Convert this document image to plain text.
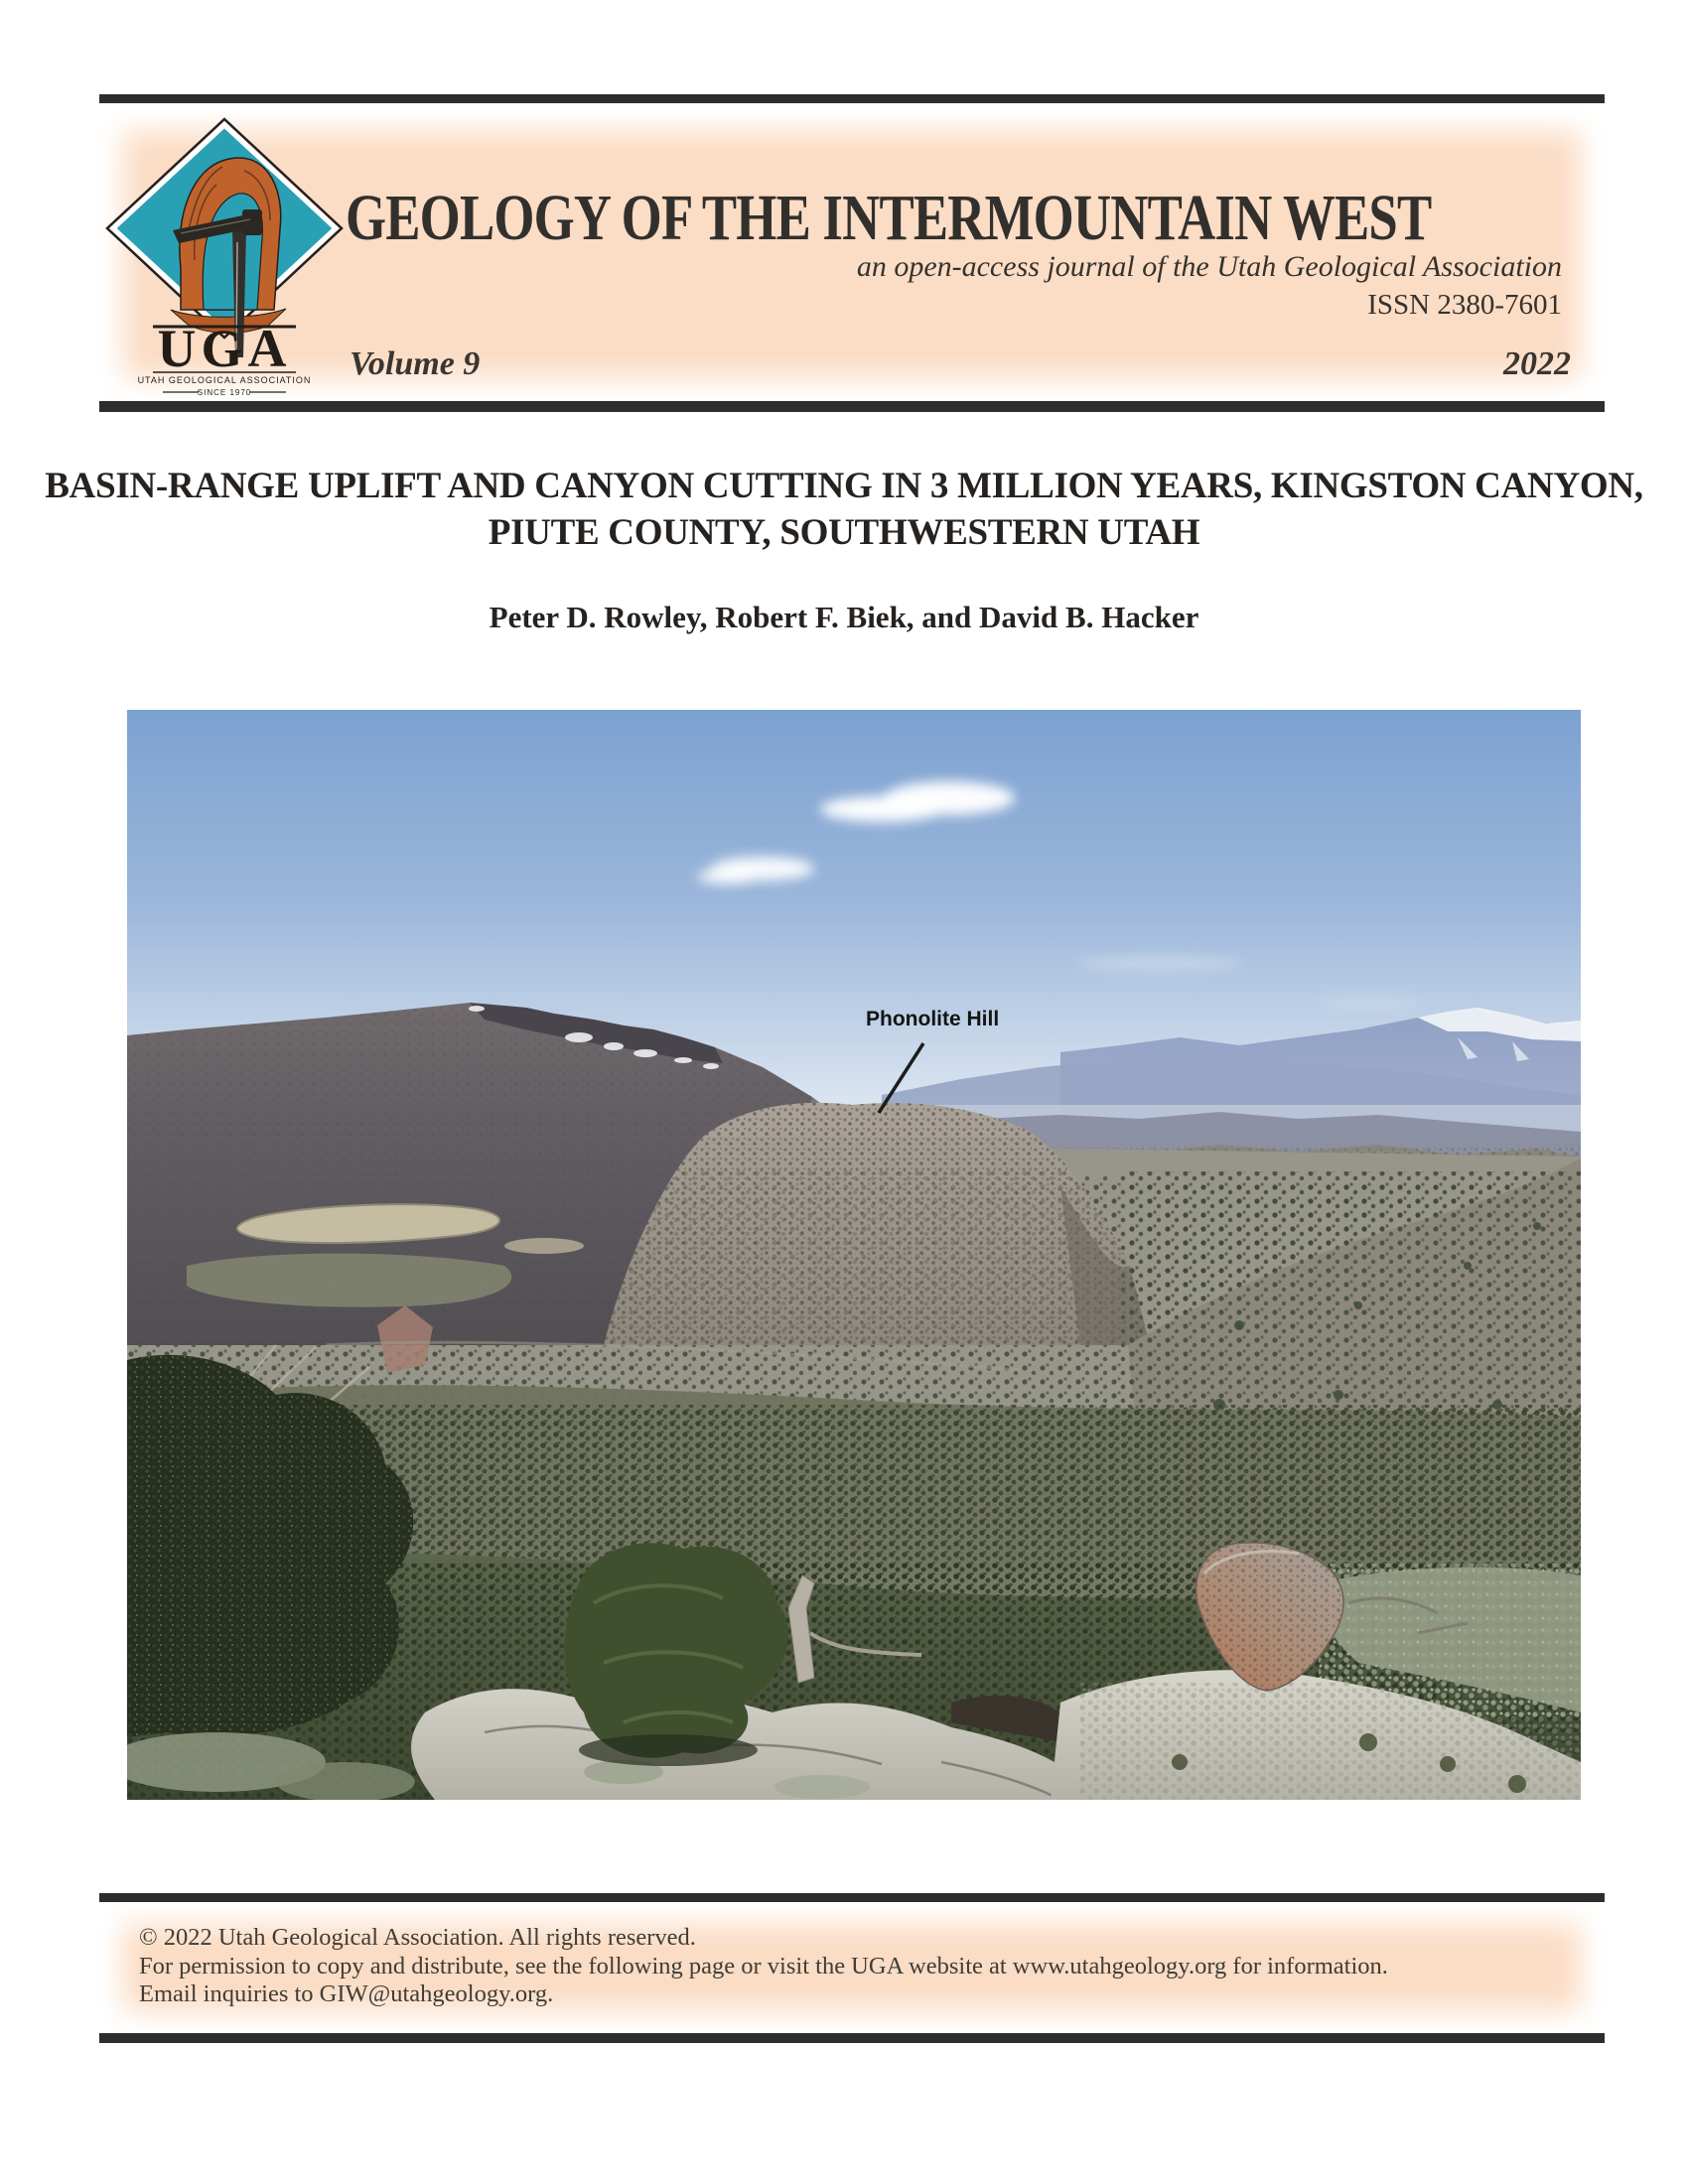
UGA
UTAH GEOLOGICAL ASSOCIATION
SINCE 1970
GEOLOGY OF THE INTERMOUNTAIN WEST
an open-access journal of the Utah Geological Association
ISSN 2380-7601
Volume 9	2022
BASIN-RANGE UPLIFT AND CANYON CUTTING IN 3 MILLION YEARS, KINGSTON CANYON,
PIUTE COUNTY, SOUTHWESTERN UTAH
Peter D. Rowley, Robert F. Biek, and David B. Hacker
Phonolite Hill
© 2022 Utah Geological Association. All rights reserved.
For permission to copy and distribute, see the following page or visit the UGA website at www.utahgeology.org for information.
Email inquiries to GIW@utahgeology.org.
